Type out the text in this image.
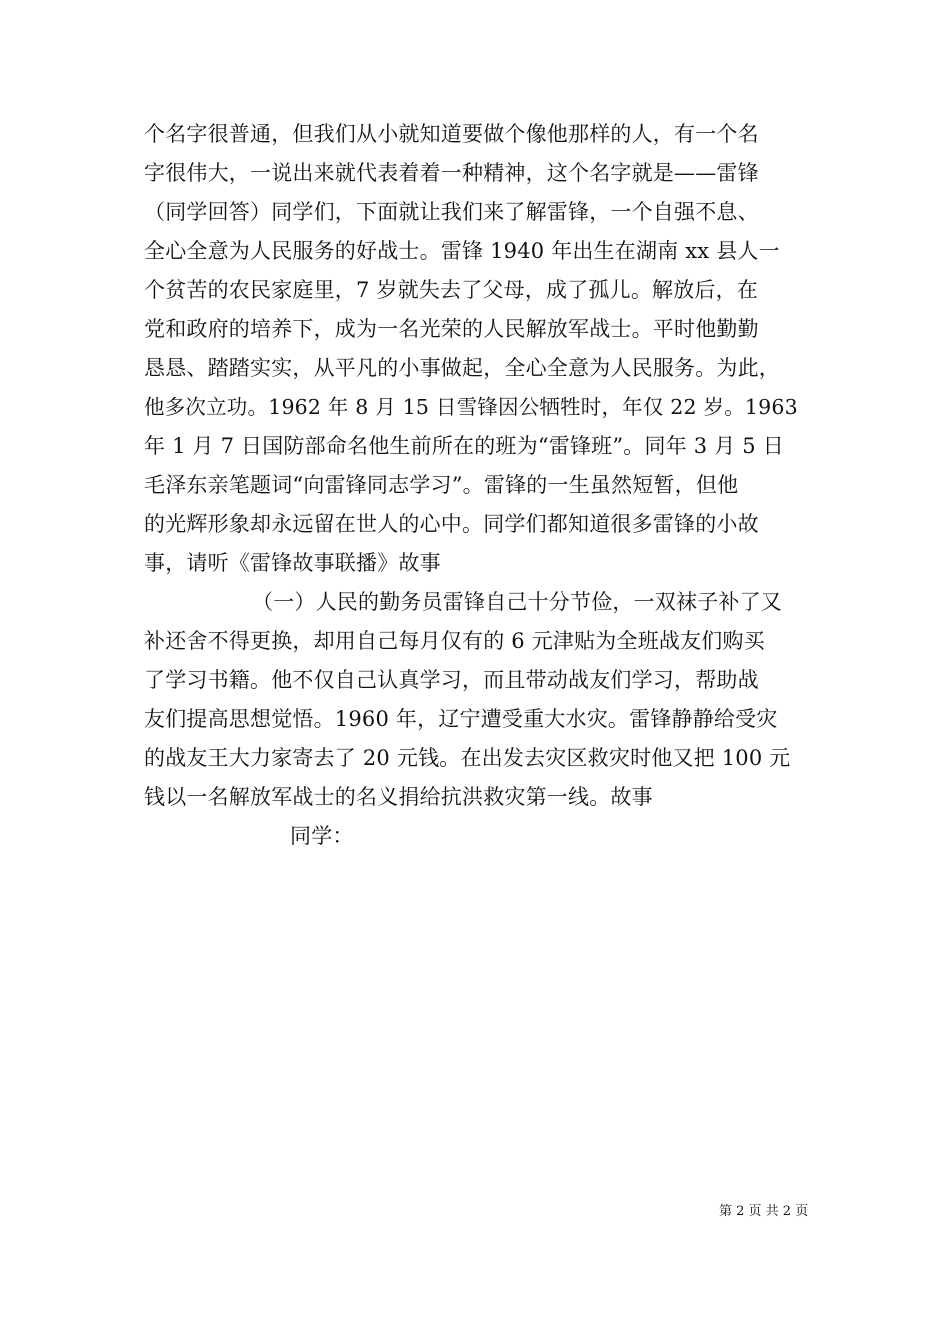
个名字很普通，但我们从小就知道要做个像他那样的人，有一个名
字很伟大，一说出来就代表着着一种精神，这个名字就是——雷锋
（同学回答）同学们，下面就让我们来了解雷锋，一个自强不息、
全心全意为人民服务的好战士。雷锋 1940 年出生在湖南 xx 县人一
个贫苦的农民家庭里，7 岁就失去了父母，成了孤儿。解放后，在
党和政府的培养下，成为一名光荣的人民解放军战士。平时他勤勤
恳恳、踏踏实实，从平凡的小事做起，全心全意为人民服务。为此，
他多次立功。1962 年 8 月 15 日雪锋因公牺牲时，年仅 22 岁。1963
年 1 月 7 日国防部命名他生前所在的班为“雷锋班”。同年 3 月 5 日
毛泽东亲笔题词“向雷锋同志学习”。雷锋的一生虽然短暂，但他
的光辉形象却永远留在世人的心中。同学们都知道很多雷锋的小故
事，请听《雷锋故事联播》故事
（一）人民的勤务员雷锋自己十分节俭，一双袜子补了又
补还舍不得更换，却用自己每月仅有的 6 元津贴为全班战友们购买
了学习书籍。他不仅自己认真学习，而且带动战友们学习，帮助战
友们提高思想觉悟。1960 年，辽宁遭受重大水灾。雷锋静静给受灾
的战友王大力家寄去了 20 元钱。在出发去灾区救灾时他又把 100 元
钱以一名解放军战士的名义捐给抗洪救灾第一线。故事
同学：
第 2 页 共 2 页
